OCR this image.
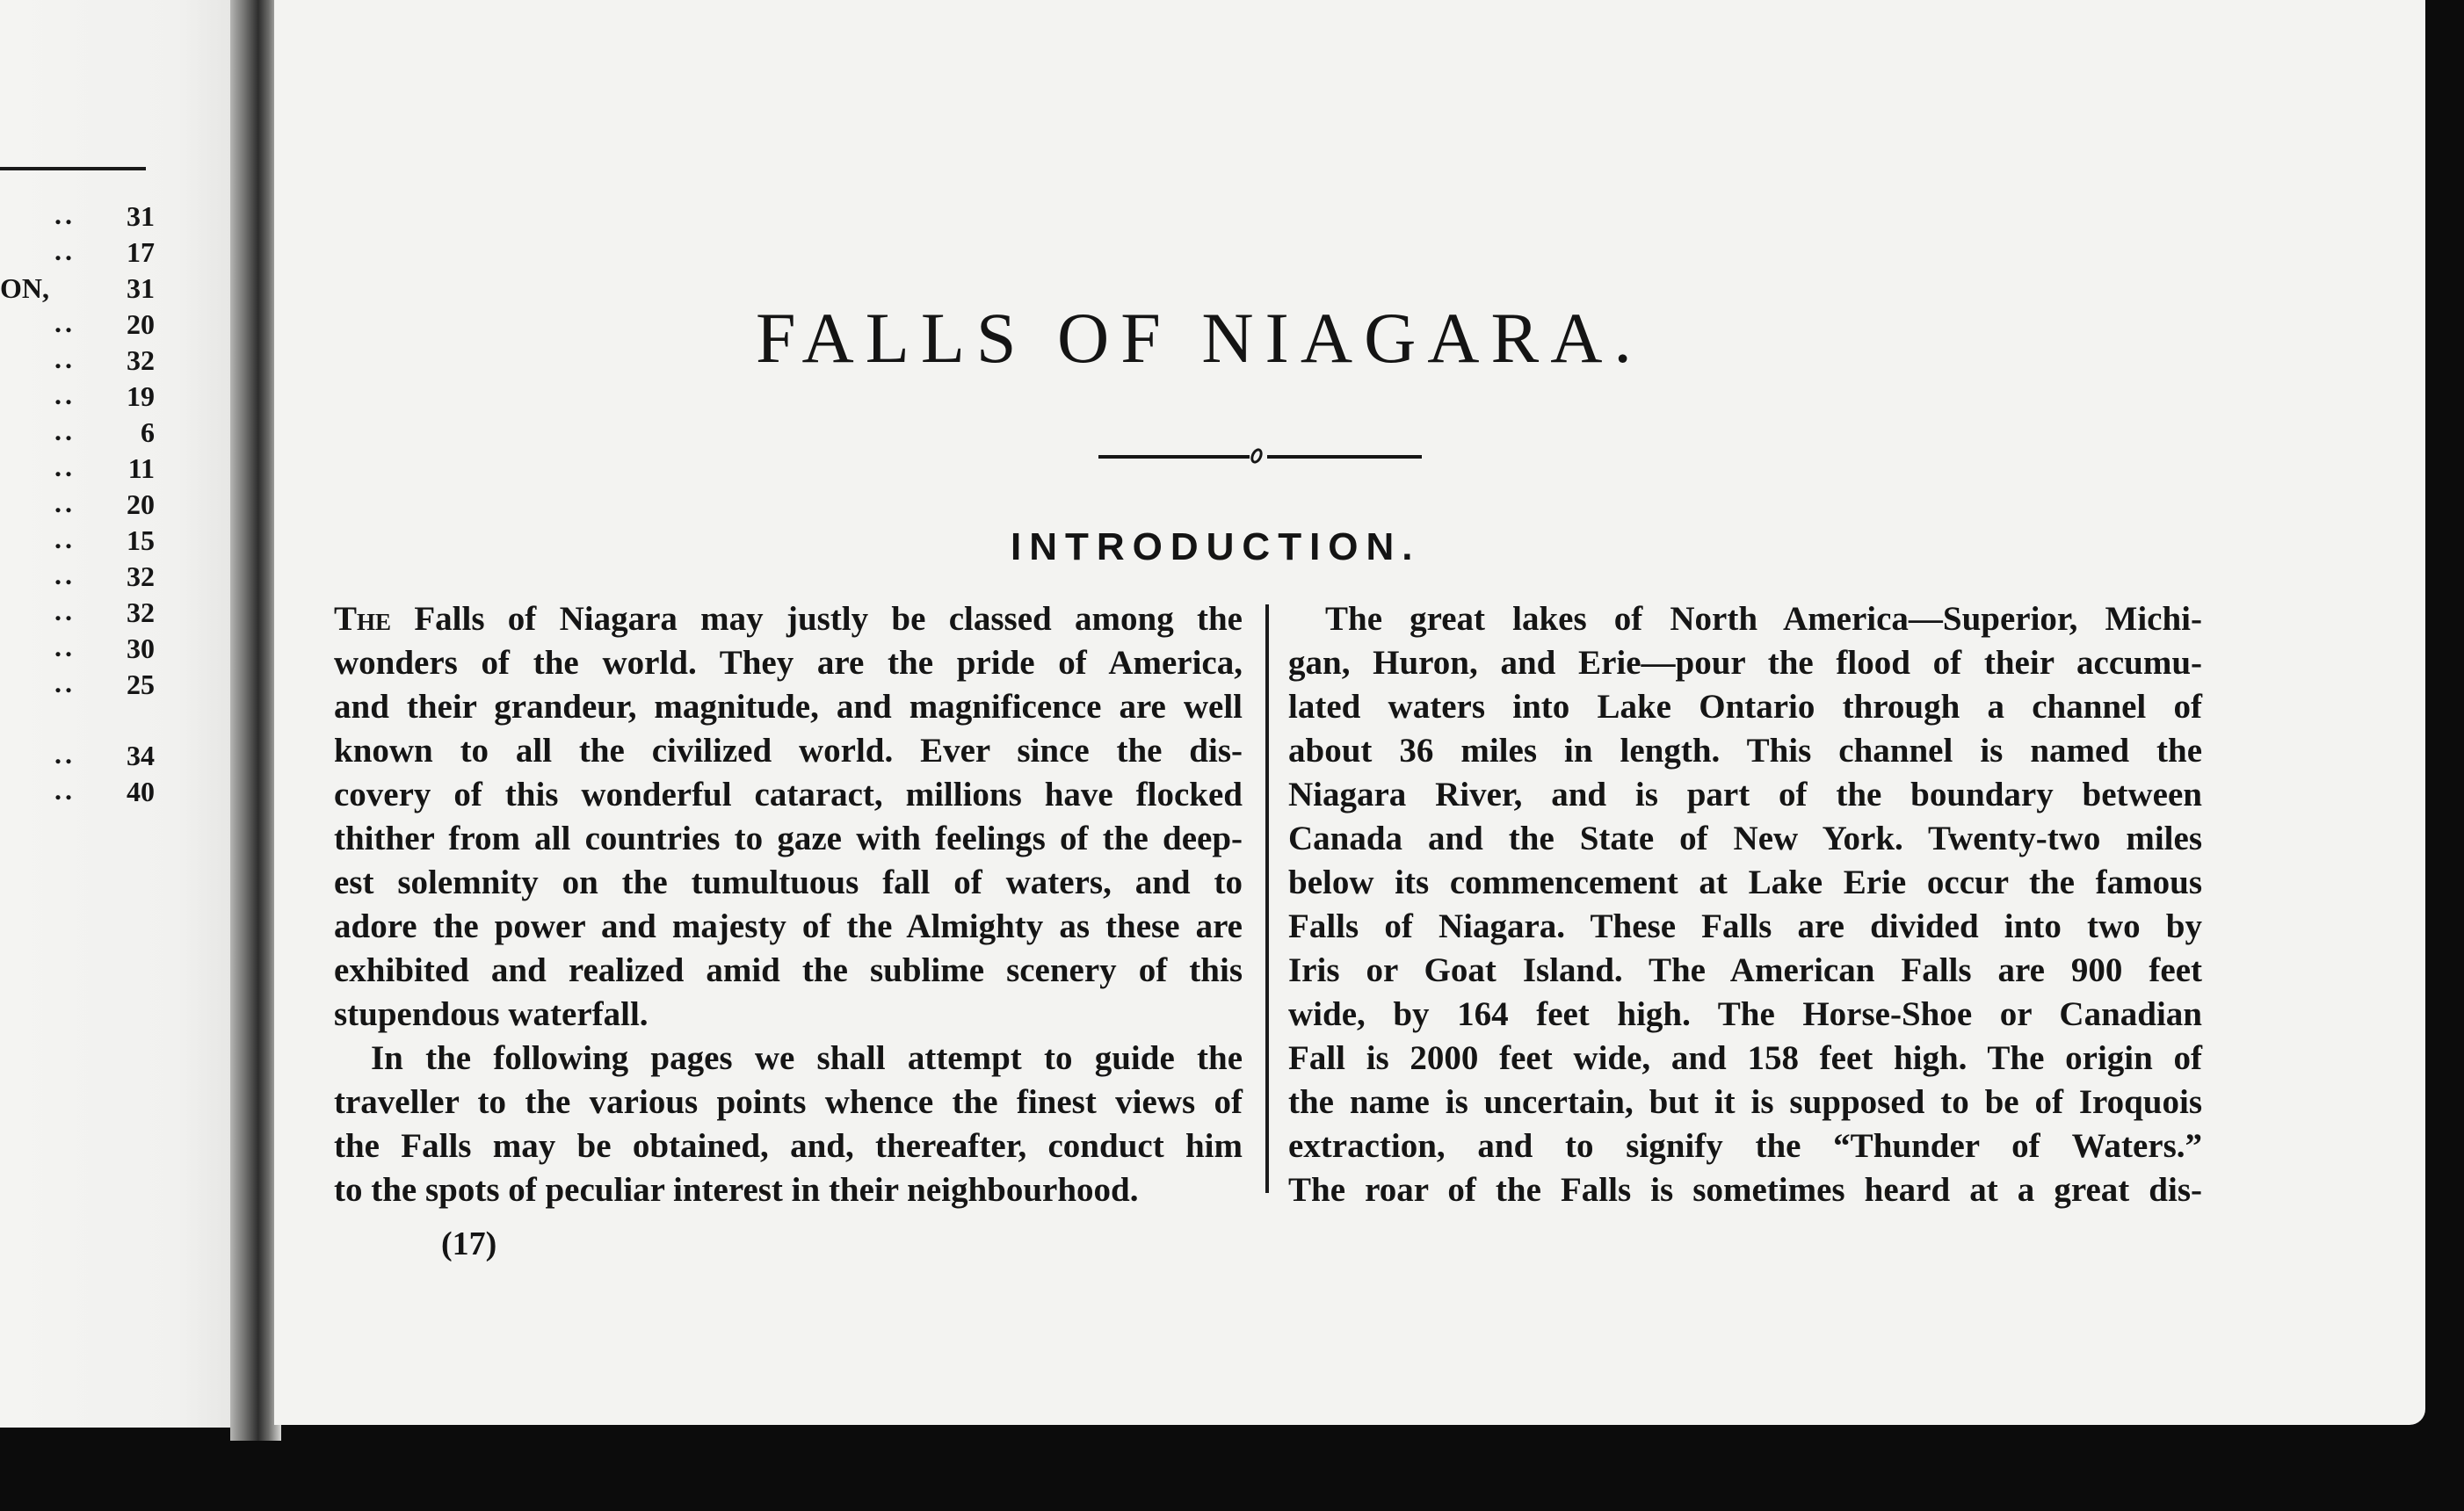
..	31
..	17
ON,	31
..	20
..	32
..	19
..	6
..	11
..	20
..	15
..	32
..	32
..	30
..	25
..	34
..	40
FALLS OF NIAGARA.
INTRODUCTION.
The Falls of Niagara may justly be classed among the
wonders of the world. They are the pride of America,
and their grandeur, magnitude, and magnificence are well
known to all the civilized world. Ever since the dis-
covery of this wonderful cataract, millions have flocked
thither from all countries to gaze with feelings of the deep-
est solemnity on the tumultuous fall of waters, and to
adore the power and majesty of the Almighty as these are
exhibited and realized amid the sublime scenery of this
stupendous waterfall.
In the following pages we shall attempt to guide the
traveller to the various points whence the finest views of
the Falls may be obtained, and, thereafter, conduct him
to the spots of peculiar interest in their neighbourhood.
The great lakes of North America—Superior, Michi-
gan, Huron, and Erie—pour the flood of their accumu-
lated waters into Lake Ontario through a channel of
about 36 miles in length. This channel is named the
Niagara River, and is part of the boundary between
Canada and the State of New York. Twenty-two miles
below its commencement at Lake Erie occur the famous
Falls of Niagara. These Falls are divided into two by
Iris or Goat Island. The American Falls are 900 feet
wide, by 164 feet high. The Horse-Shoe or Canadian
Fall is 2000 feet wide, and 158 feet high. The origin of
the name is uncertain, but it is supposed to be of Iroquois
extraction, and to signify the “Thunder of Waters.”
The roar of the Falls is sometimes heard at a great dis-
(17)
